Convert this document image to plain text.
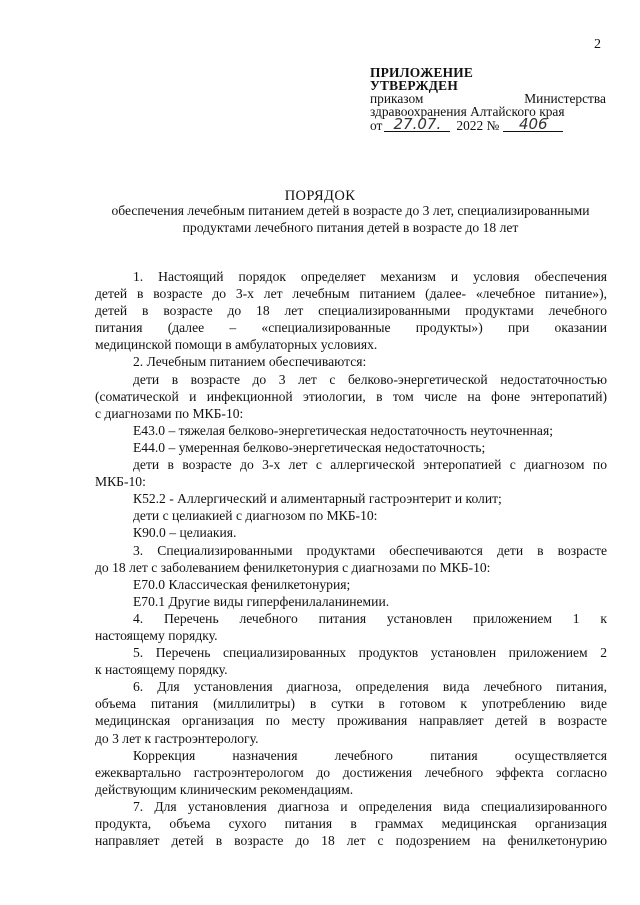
2
ПРИЛОЖЕНИЕ
УТВЕРЖДЕН
приказом	Министерства
здравоохранения Алтайского края
от 27.07.	2022 №	406
ПОРЯДОК
обеспечения лечебным питанием детей в возрасте до 3 лет, специализированными продуктами лечебного питания детей в возрасте до 18 лет

1. Настоящий порядок определяет механизм и условия обеспечения

детей в возрасте до 3-х лет лечебным питанием (далее- «лечебное питание»),

детей в возрасте до 18 лет специализированными продуктами лечебного

питания (далее – «специализированные продукты») при оказании

медицинской помощи в амбулаторных условиях.

2. Лечебным питанием обеспечиваются:

дети в возрасте до 3 лет с белково-энергетической недостаточностью

(соматической и инфекционной этиологии, в том числе на фоне энтеропатий)

с диагнозами по МКБ-10:

Е43.0 – тяжелая белково-энергетическая недостаточность неуточненная;

Е44.0 – умеренная белково-энергетическая недостаточность;

дети в возрасте до 3-х лет с аллергической энтеропатией с диагнозом по

МКБ-10:

К52.2 - Аллергический и алиментарный гастроэнтерит и колит;

дети с целиакией с диагнозом по МКБ-10:

К90.0 – целиакия.

3. Специализированными продуктами обеспечиваются дети в возрасте

до 18 лет с заболеванием фенилкетонурия с диагнозами по МКБ-10:

Е70.0 Классическая фенилкетонурия;

Е70.1 Другие виды гиперфенилаланинемии.

4. Перечень лечебного питания установлен приложением 1 к

настоящему порядку.

5. Перечень специализированных продуктов установлен приложением 2

к настоящему порядку.

6. Для установления диагноза, определения вида лечебного питания,

объема питания (миллилитры) в сутки в готовом к употреблению виде

медицинская организация по месту проживания направляет детей в возрасте

до 3 лет к гастроэнтерологу.

Коррекция назначения лечебного питания осуществляется

ежеквартально гастроэнтерологом до достижения лечебного эффекта согласно

действующим клиническим рекомендациям.

7. Для установления диагноза и определения вида специализированного

продукта, объема сухого питания в граммах медицинская организация

направляет детей в возрасте до 18 лет с подозрением на фенилкетонурию
